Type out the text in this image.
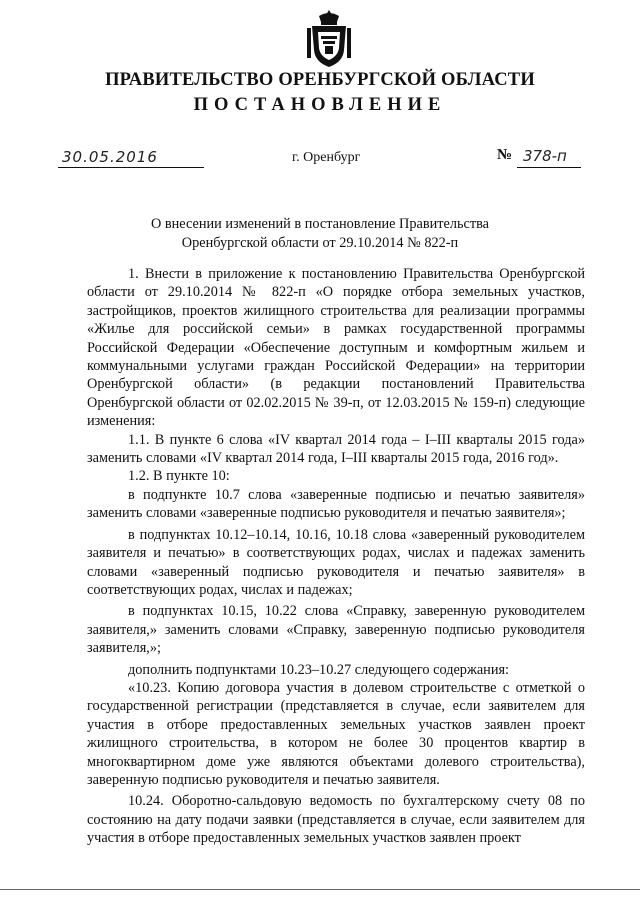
ПРАВИТЕЛЬСТВО ОРЕНБУРГСКОЙ ОБЛАСТИ
ПОСТАНОВЛЕНИЕ
30.05.2016	г. Оренбург	№ 378-п
О внесении изменений в постановление Правительства
Оренбургской области от 29.10.2014 № 822-п

1. Внести в приложение к постановлению Правительства Оренбургской области от 29.10.2014 № 822-п «О порядке отбора земельных участков, застройщиков, проектов жилищного строительства для реализации программы «Жилье для российской семьи» в рамках государственной программы Российской Федерации «Обеспечение доступным и комфортным жильем и коммунальными услугами граждан Российской Федерации» на территории Оренбургской области» (в редакции постановлений Правительства Оренбургской области от 02.02.2015 № 39-п, от 12.03.2015 № 159-п) следующие изменения:

1.1. В пункте 6 слова «IV квартал 2014 года – I–III кварталы 2015 года» заменить словами «IV квартал 2014 года, I–III кварталы 2015 года, 2016 год».

1.2. В пункте 10:

в подпункте 10.7 слова «заверенные подписью и печатью заявителя» заменить словами «заверенные подписью руководителя и печатью заявителя»;

в подпунктах 10.12–10.14, 10.16, 10.18 слова «заверенный руководителем заявителя и печатью» в соответствующих родах, числах и падежах заменить словами «заверенный подписью руководителя и печатью заявителя» в соответствующих родах, числах и падежах;

в подпунктах 10.15, 10.22 слова «Справку, заверенную руководителем заявителя,» заменить словами «Справку, заверенную подписью руководителя заявителя,»;

дополнить подпунктами 10.23–10.27 следующего содержания:

«10.23. Копию договора участия в долевом строительстве с отметкой о государственной регистрации (представляется в случае, если заявителем для участия в отборе предоставленных земельных участков заявлен проект жилищного строительства, в котором не более 30 процентов квартир в многоквартирном доме уже являются объектами долевого строительства), заверенную подписью руководителя и печатью заявителя.

10.24. Оборотно-сальдовую ведомость по бухгалтерскому счету 08 по состоянию на дату подачи заявки (представляется в случае, если заявителем для участия в отборе предоставленных земельных участков заявлен проект
